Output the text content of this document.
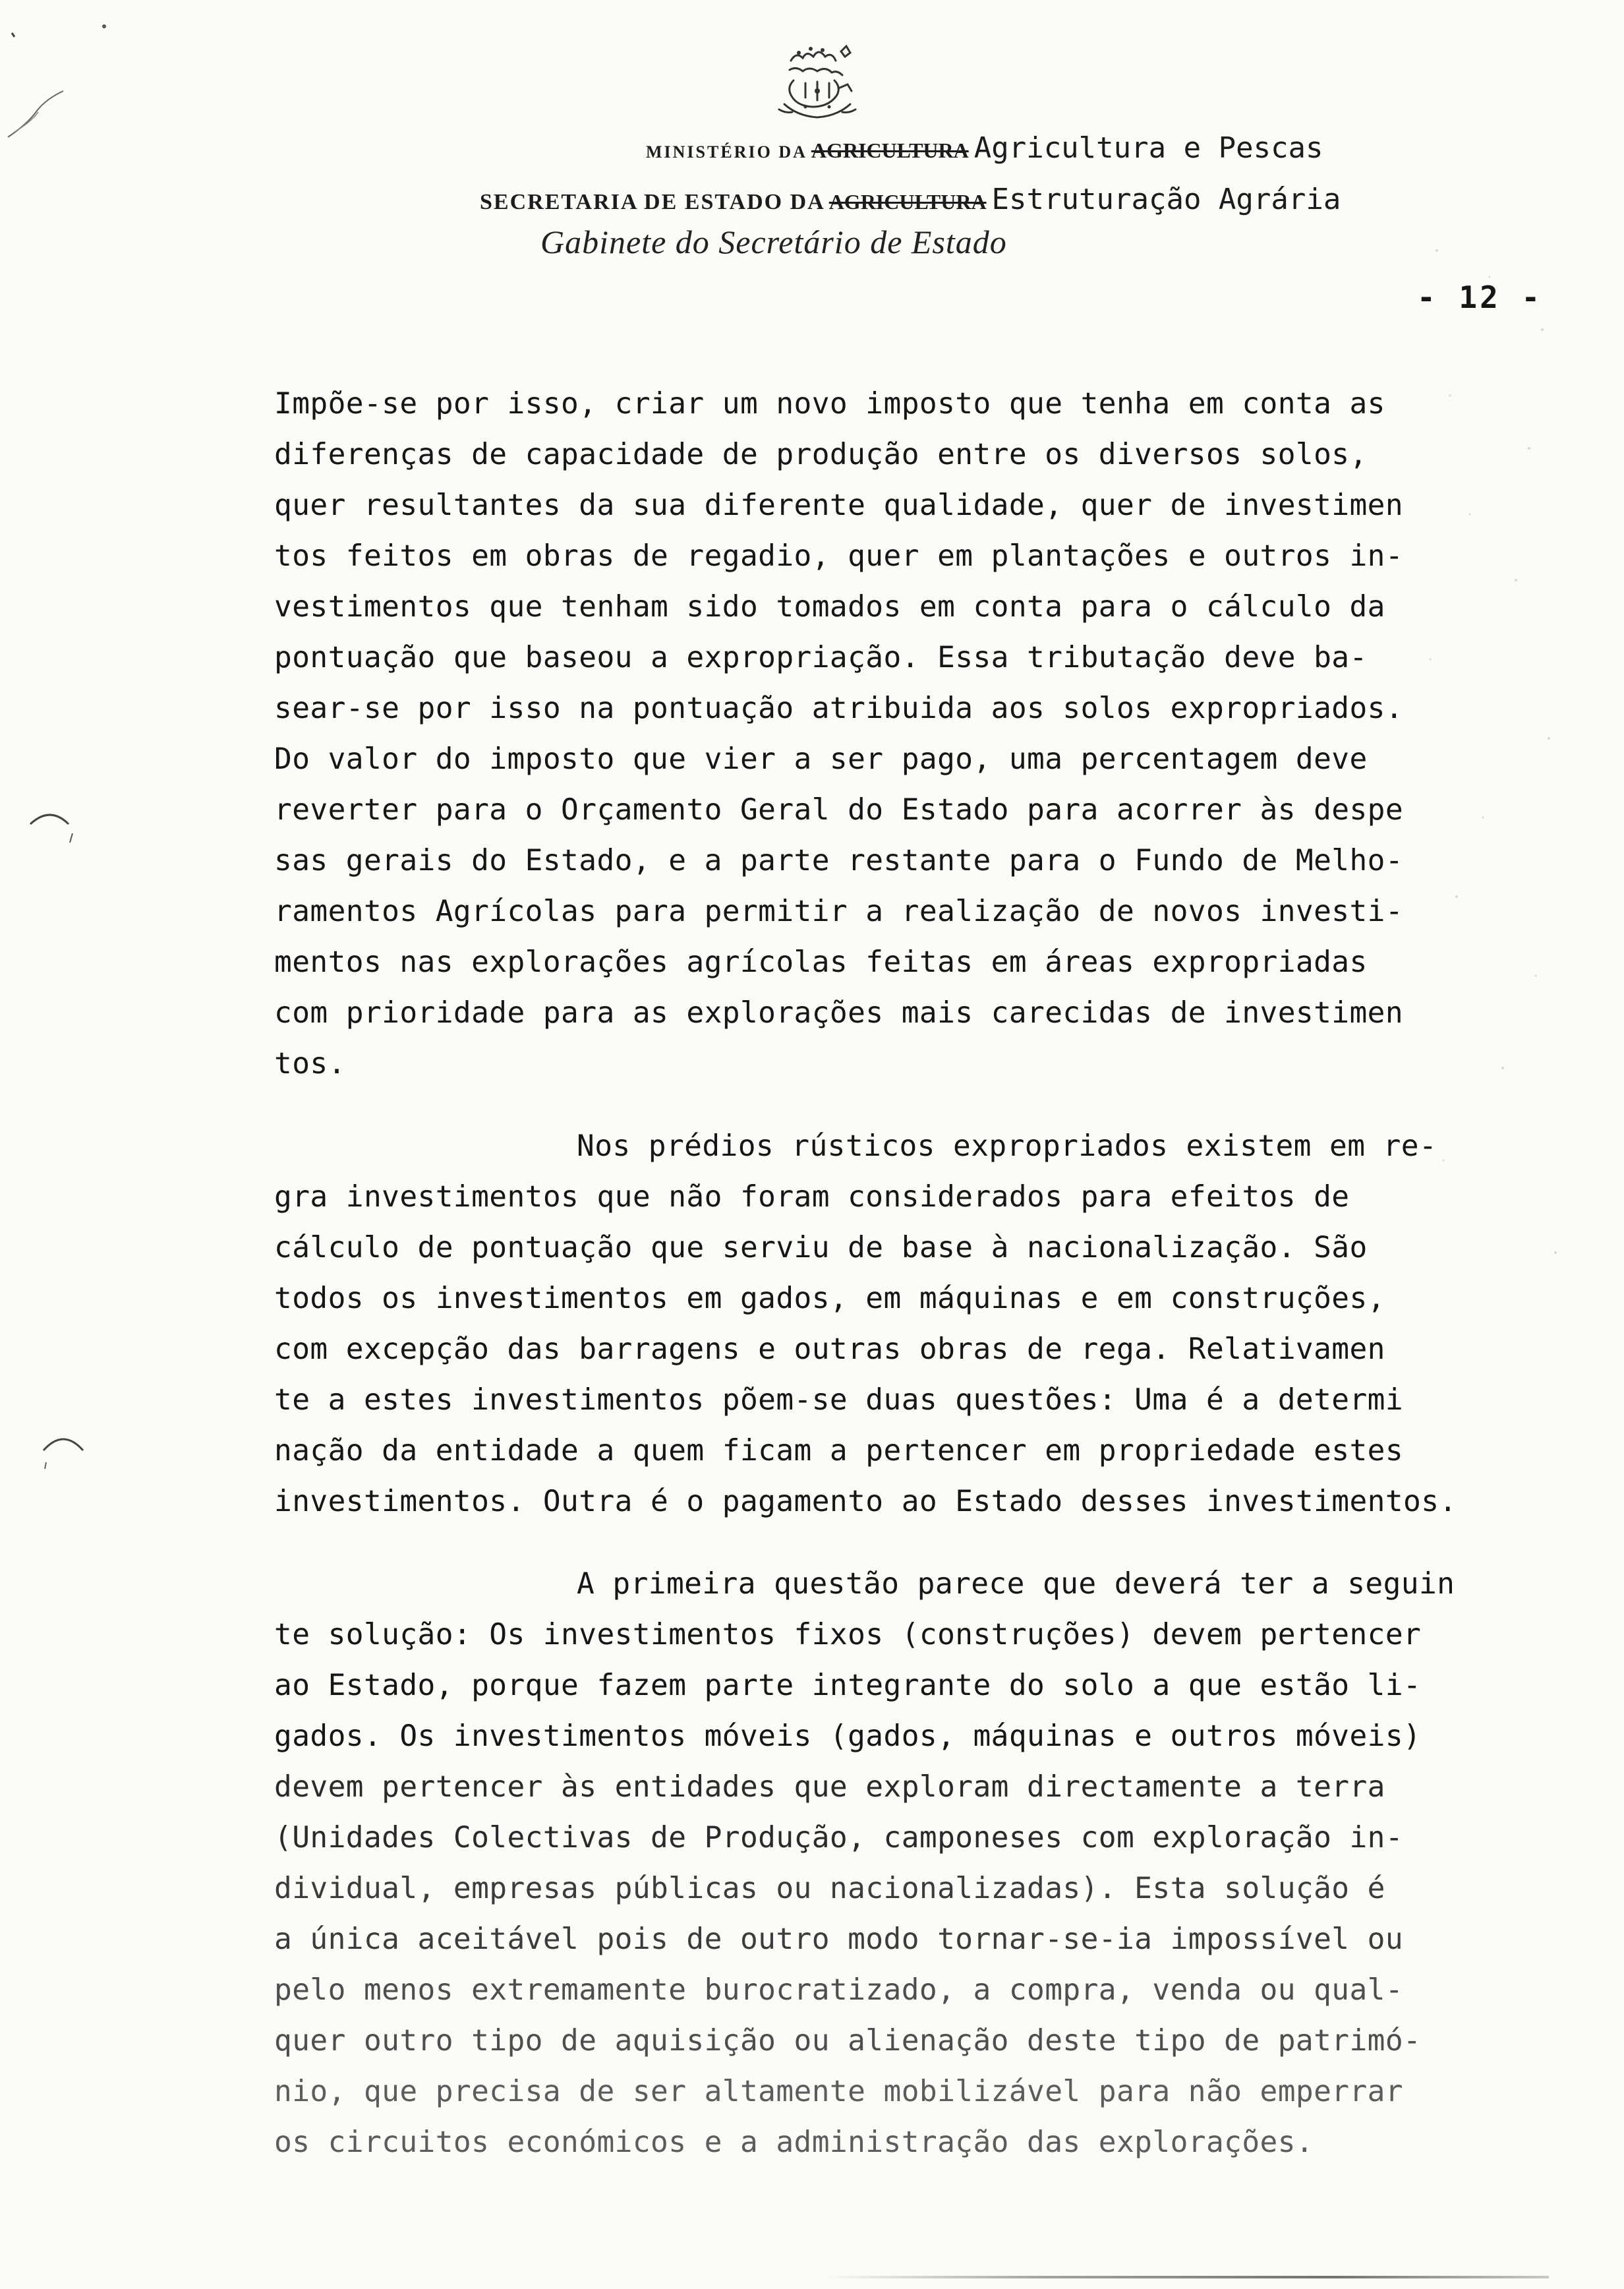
MINISTÉRIO DA AGRICULTURA Agricultura e Pescas
SECRETARIA DE ESTADO DA AGRICULTURA Estruturação Agrária
Gabinete do Secretário de Estado
- 12 -
Impõe-se por isso, criar um novo imposto que tenha em conta as
diferenças de capacidade de produção entre os diversos solos,
quer resultantes da sua diferente qualidade, quer de investimen
tos feitos em obras de regadio, quer em plantações e outros in-
vestimentos que tenham sido tomados em conta para o cálculo da
pontuação que baseou a expropriação. Essa tributação deve ba-
sear-se por isso na pontuação atribuida aos solos expropriados.
Do valor do imposto que vier a ser pago, uma percentagem deve
reverter para o Orçamento Geral do Estado para acorrer às despe
sas gerais do Estado, e a parte restante para o Fundo de Melho-
ramentos Agrícolas para permitir a realização de novos investi-
mentos nas explorações agrícolas feitas em áreas expropriadas
com prioridade para as explorações mais carecidas de investimen
tos.
Nos prédios rústicos expropriados existem em re-
gra investimentos que não foram considerados para efeitos de
cálculo de pontuação que serviu de base à nacionalização. São
todos os investimentos em gados, em máquinas e em construções,
com excepção das barragens e outras obras de rega. Relativamen
te a estes investimentos põem-se duas questões: Uma é a determi
nação da entidade a quem ficam a pertencer em propriedade estes
investimentos. Outra é o pagamento ao Estado desses investimentos.
A primeira questão parece que deverá ter a seguin
te solução: Os investimentos fixos (construções) devem pertencer
ao Estado, porque fazem parte integrante do solo a que estão li-
gados. Os investimentos móveis (gados, máquinas e outros móveis)
devem pertencer às entidades que exploram directamente a terra
(Unidades Colectivas de Produção, camponeses com exploração in-
dividual, empresas públicas ou nacionalizadas). Esta solução é
a única aceitável pois de outro modo tornar-se-ia impossível ou
pelo menos extremamente burocratizado, a compra, venda ou qual-
quer outro tipo de aquisição ou alienação deste tipo de patrimó-
nio, que precisa de ser altamente mobilizável para não emperrar
os circuitos económicos e a administração das explorações.
